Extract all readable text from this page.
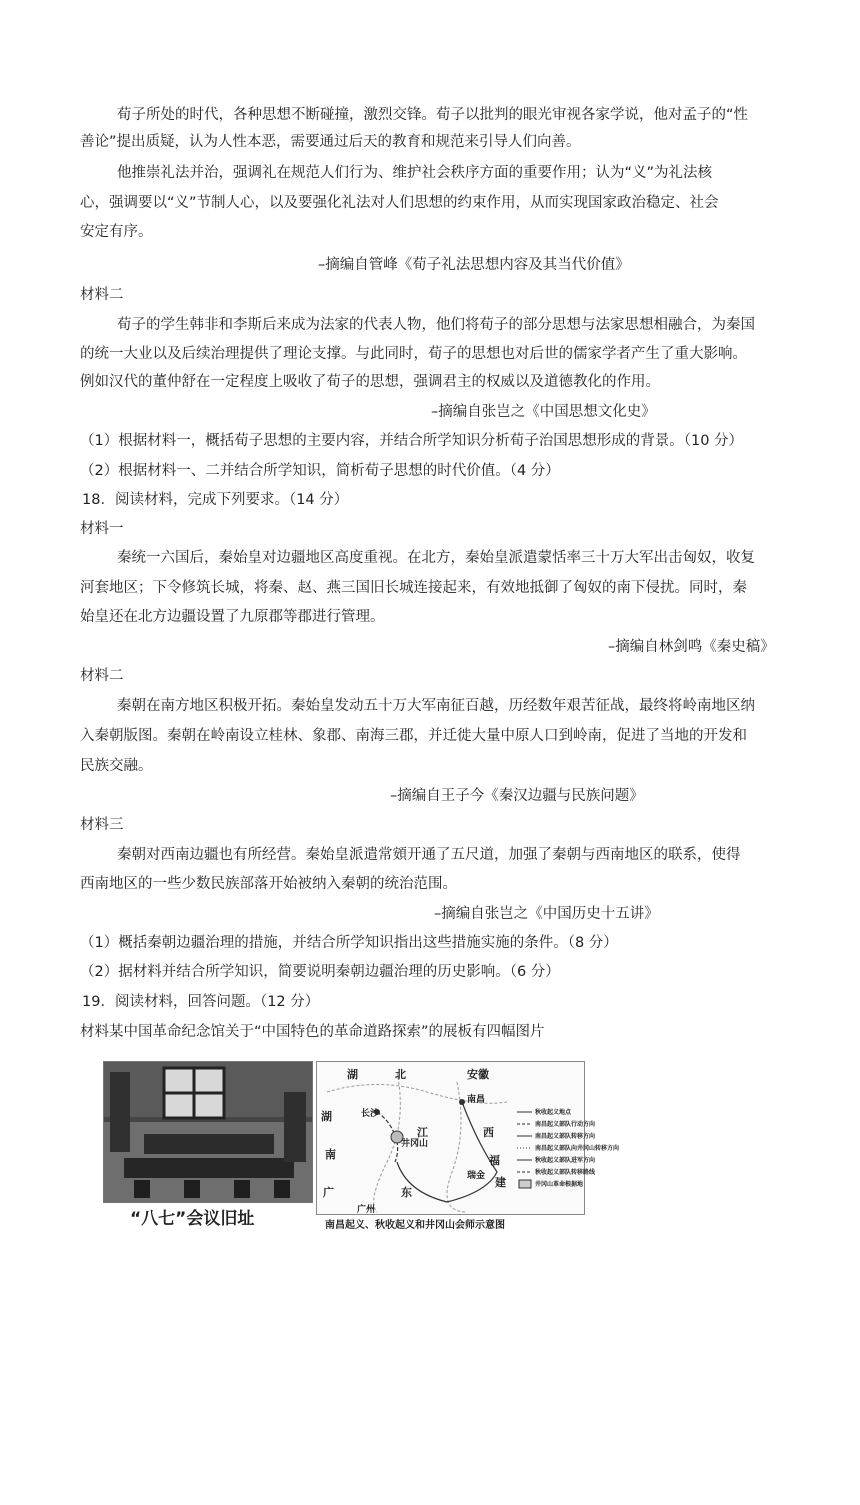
荀子所处的时代，各种思想不断碰撞，激烈交锋。荀子以批判的眼光审视各家学说，他对孟子的“性
善论”提出质疑，认为人性本恶，需要通过后天的教育和规范来引导人们向善。
他推崇礼法并治，强调礼在规范人们行为、维护社会秩序方面的重要作用；认为“义”为礼法核
心，强调要以“义”节制人心，以及要强化礼法对人们思想的约束作用，从而实现国家政治稳定、社会
安定有序。
–摘编自管峰《荀子礼法思想内容及其当代价值》
材料二
荀子的学生韩非和李斯后来成为法家的代表人物，他们将荀子的部分思想与法家思想相融合，为秦国
的统一大业以及后续治理提供了理论支撑。与此同时，荀子的思想也对后世的儒家学者产生了重大影响。
例如汉代的董仲舒在一定程度上吸收了荀子的思想，强调君主的权威以及道德教化的作用。
–摘编自张岂之《中国思想文化史》
（1）根据材料一，概括荀子思想的主要内容，并结合所学知识分析荀子治国思想形成的背景。（10 分）
（2）根据材料一、二并结合所学知识，简析荀子思想的时代价值。（4 分）
18．阅读材料，完成下列要求。（14 分）
材料一
秦统一六国后，秦始皇对边疆地区高度重视。在北方，秦始皇派遣蒙恬率三十万大军出击匈奴，收复
河套地区；下令修筑长城，将秦、赵、燕三国旧长城连接起来，有效地抵御了匈奴的南下侵扰。同时，秦
始皇还在北方边疆设置了九原郡等郡进行管理。
–摘编自林剑鸣《秦史稿》
材料二
秦朝在南方地区积极开拓。秦始皇发动五十万大军南征百越，历经数年艰苦征战，最终将岭南地区纳
入秦朝版图。秦朝在岭南设立桂林、象郡、南海三郡，并迁徙大量中原人口到岭南，促进了当地的开发和
民族交融。
–摘编自王子今《秦汉边疆与民族问题》
材料三
秦朝对西南边疆也有所经营。秦始皇派遣常頞开通了五尺道，加强了秦朝与西南地区的联系，使得
西南地区的一些少数民族部落开始被纳入秦朝的统治范围。
–摘编自张岂之《中国历史十五讲》
（1）概括秦朝边疆治理的措施，并结合所学知识指出这些措施实施的条件。（8 分）
（2）据材料并结合所学知识，简要说明秦朝边疆治理的历史影响。（6 分）
19．阅读材料，回答问题。（12 分）
材料某中国革命纪念馆关于“中国特色的革命道路探索”的展板有四幅图片
“八七”会议旧址
湖	北	安徽
湖
江	西
南	福
建
广	东
长沙
南昌
瑞金
井冈山
广州
秋收起义地点
南昌起义部队行动方向
南昌起义部队转移方向
南昌起义部队向井冈山转移方向
秋收起义部队进军方向
秋收起义部队转移路线
井冈山革命根据地
南昌起义、秋收起义和井冈山会师示意图
